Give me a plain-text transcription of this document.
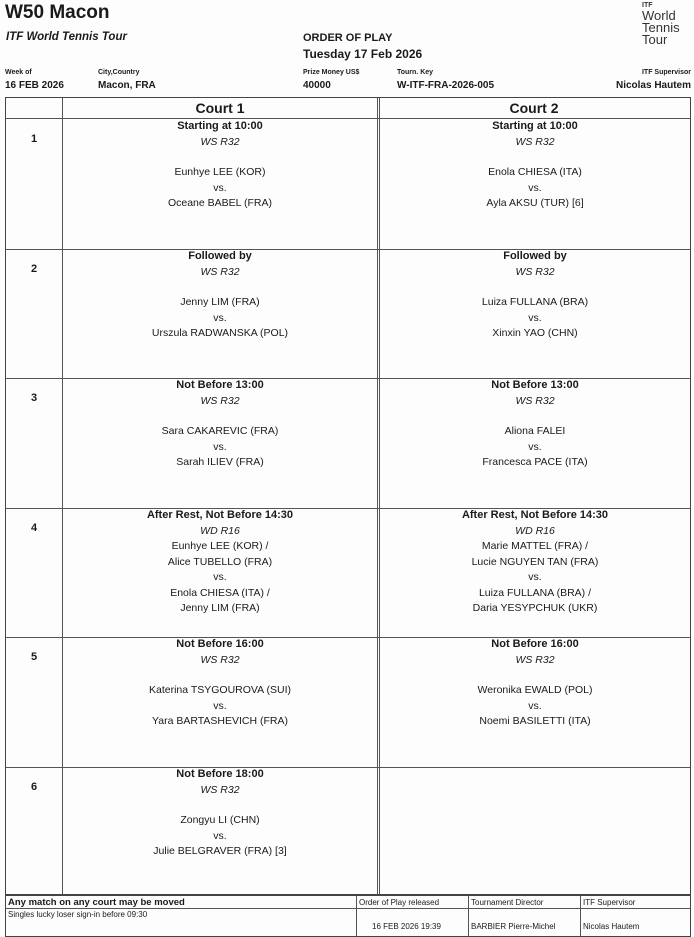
W50 Macon
ITF World Tennis Tour	ORDER OF PLAY
Tuesday 17 Feb 2026
ITF
World
Tennis
Tour
Week of
16 FEB 2026
City,Country
Macon, FRA
Prize Money US$
40000
Tourn. Key
W-ITF-FRA-2026-005
ITF Supervisor
Nicolas Hautem
Court 1	Court 2
1
Starting at 10:00
WS R32
Eunhye LEE (KOR)
vs.
Oceane BABEL (FRA)
Starting at 10:00
WS R32
Enola CHIESA (ITA)
vs.
Ayla AKSU (TUR) [6]
2
Followed by
WS R32
Jenny LIM (FRA)
vs.
Urszula RADWANSKA (POL)
Followed by
WS R32
Luiza FULLANA (BRA)
vs.
Xinxin YAO (CHN)
3
Not Before 13:00
WS R32
Sara CAKAREVIC (FRA)
vs.
Sarah ILIEV (FRA)
Not Before 13:00
WS R32
Aliona FALEI
vs.
Francesca PACE (ITA)
4
After Rest, Not Before 14:30
WD R16
Eunhye LEE (KOR) /
Alice TUBELLO (FRA)
vs.
Enola CHIESA (ITA) /
Jenny LIM (FRA)
After Rest, Not Before 14:30
WD R16
Marie MATTEL (FRA) /
Lucie NGUYEN TAN (FRA)
vs.
Luiza FULLANA (BRA) /
Daria YESYPCHUK (UKR)
5
Not Before 16:00
WS R32
Katerina TSYGOUROVA (SUI)
vs.
Yara BARTASHEVICH (FRA)
Not Before 16:00
WS R32
Weronika EWALD (POL)
vs.
Noemi BASILETTI (ITA)
6
Not Before 18:00
WS R32
Zongyu LI (CHN)
vs.
Julie BELGRAVER (FRA) [3]
Any match on any court may be moved
Singles lucky loser sign-in before 09:30
Order of Play released
16 FEB 2026 19:39
Tournament Director
BARBIER Pierre-Michel
ITF Supervisor
Nicolas Hautem
